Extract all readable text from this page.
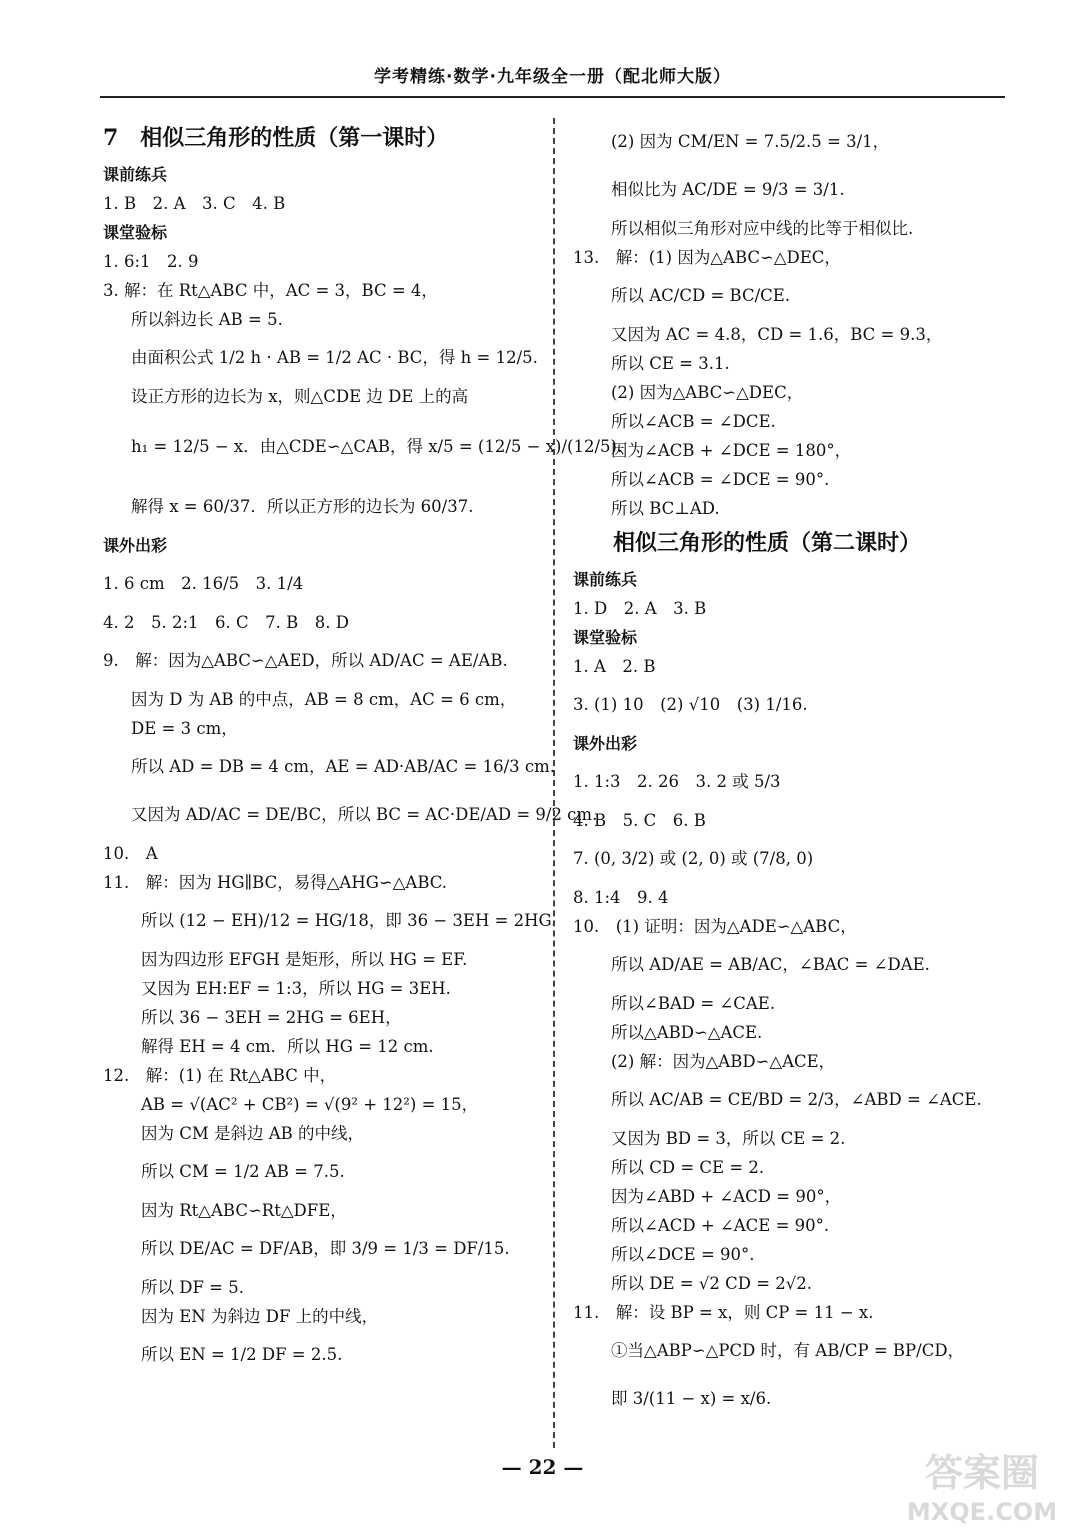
学考精练·数学·九年级全一册（配北师大版）
7　相似三角形的性质（第一课时）
课前练兵
1. B　2. A　3. C　4. B
课堂验标
1. 6:1　2. 9
3. 解：在 Rt△ABC 中，AC = 3，BC = 4，
所以斜边长 AB = 5.
由面积公式 1/2 h · AB = 1/2 AC · BC，得 h = 12/5.
设正方形的边长为 x，则△CDE 边 DE 上的高
h₁ = 12/5 − x．由△CDE∽△CAB，得 x/5 = (12/5 − x)/(12/5).
解得 x = 60/37．所以正方形的边长为 60/37.
课外出彩
1. 6 cm　2. 16/5　3. 1/4
4. 2　5. 2:1　6. C　7. B　8. D
9.　解：因为△ABC∽△AED，所以 AD/AC = AE/AB.
因为 D 为 AB 的中点，AB = 8 cm，AC = 6 cm，
DE = 3 cm，
所以 AD = DB = 4 cm，AE = AD·AB/AC = 16/3 cm.
又因为 AD/AC = DE/BC，所以 BC = AC·DE/AD = 9/2 cm.
10.　A
11.　解：因为 HG∥BC，易得△AHG∽△ABC.
所以 (12 − EH)/12 = HG/18，即 36 − 3EH = 2HG.
因为四边形 EFGH 是矩形，所以 HG = EF.
又因为 EH:EF = 1:3，所以 HG = 3EH.
所以 36 − 3EH = 2HG = 6EH，
解得 EH = 4 cm．所以 HG = 12 cm.
12.　解：(1) 在 Rt△ABC 中，
AB = √(AC² + CB²) = √(9² + 12²) = 15，
因为 CM 是斜边 AB 的中线，
所以 CM = 1/2 AB = 7.5.
因为 Rt△ABC∽Rt△DFE，
所以 DE/AC = DF/AB，即 3/9 = 1/3 = DF/15.
所以 DF = 5.
因为 EN 为斜边 DF 上的中线，
所以 EN = 1/2 DF = 2.5.
(2) 因为 CM/EN = 7.5/2.5 = 3/1，
相似比为 AC/DE = 9/3 = 3/1.
所以相似三角形对应中线的比等于相似比.
13.　解：(1) 因为△ABC∽△DEC，
所以 AC/CD = BC/CE.
又因为 AC = 4.8，CD = 1.6，BC = 9.3，
所以 CE = 3.1.
(2) 因为△ABC∽△DEC，
所以∠ACB = ∠DCE.
因为∠ACB + ∠DCE = 180°，
所以∠ACB = ∠DCE = 90°.
所以 BC⊥AD.
相似三角形的性质（第二课时）
课前练兵
1. D　2. A　3. B
课堂验标
1. A　2. B
3. (1) 10　(2) √10　(3) 1/16.
课外出彩
1. 1:3　2. 26　3. 2 或 5/3
4. B　5. C　6. B
7. (0, 3/2) 或 (2, 0) 或 (7/8, 0)
8. 1:4　9. 4
10.　(1) 证明：因为△ADE∽△ABC，
所以 AD/AE = AB/AC，∠BAC = ∠DAE.
所以∠BAD = ∠CAE.
所以△ABD∽△ACE.
(2) 解：因为△ABD∽△ACE，
所以 AC/AB = CE/BD = 2/3，∠ABD = ∠ACE.
又因为 BD = 3，所以 CE = 2.
所以 CD = CE = 2.
因为∠ABD + ∠ACD = 90°，
所以∠ACD + ∠ACE = 90°.
所以∠DCE = 90°.
所以 DE = √2 CD = 2√2.
11.　解：设 BP = x，则 CP = 11 − x.
①当△ABP∽△PCD 时，有 AB/CP = BP/CD，
即 3/(11 − x) = x/6.
— 22 —	答案圈
MXQE.COM
